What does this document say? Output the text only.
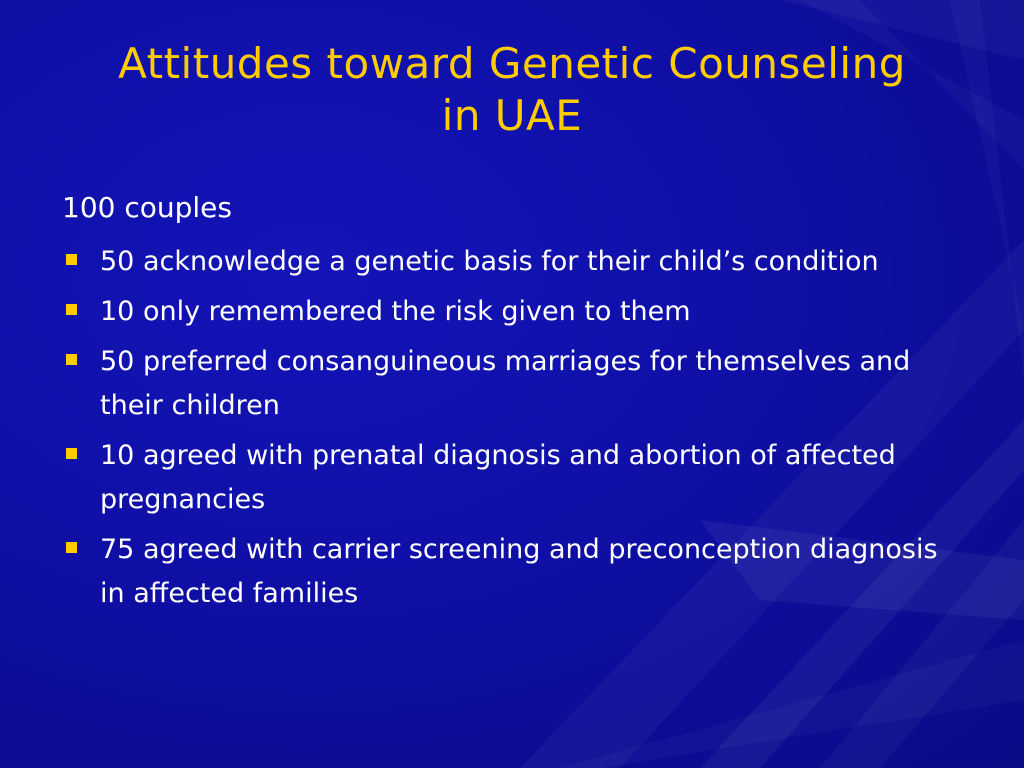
Attitudes toward Genetic Counseling
in UAE
100 couples
50 acknowledge a genetic basis for their child’s condition
10 only remembered the risk given to them
50 preferred consanguineous marriages for themselves and their children
10 agreed with prenatal diagnosis and abortion of affected pregnancies
75 agreed with carrier screening and preconception diagnosis in affected families
